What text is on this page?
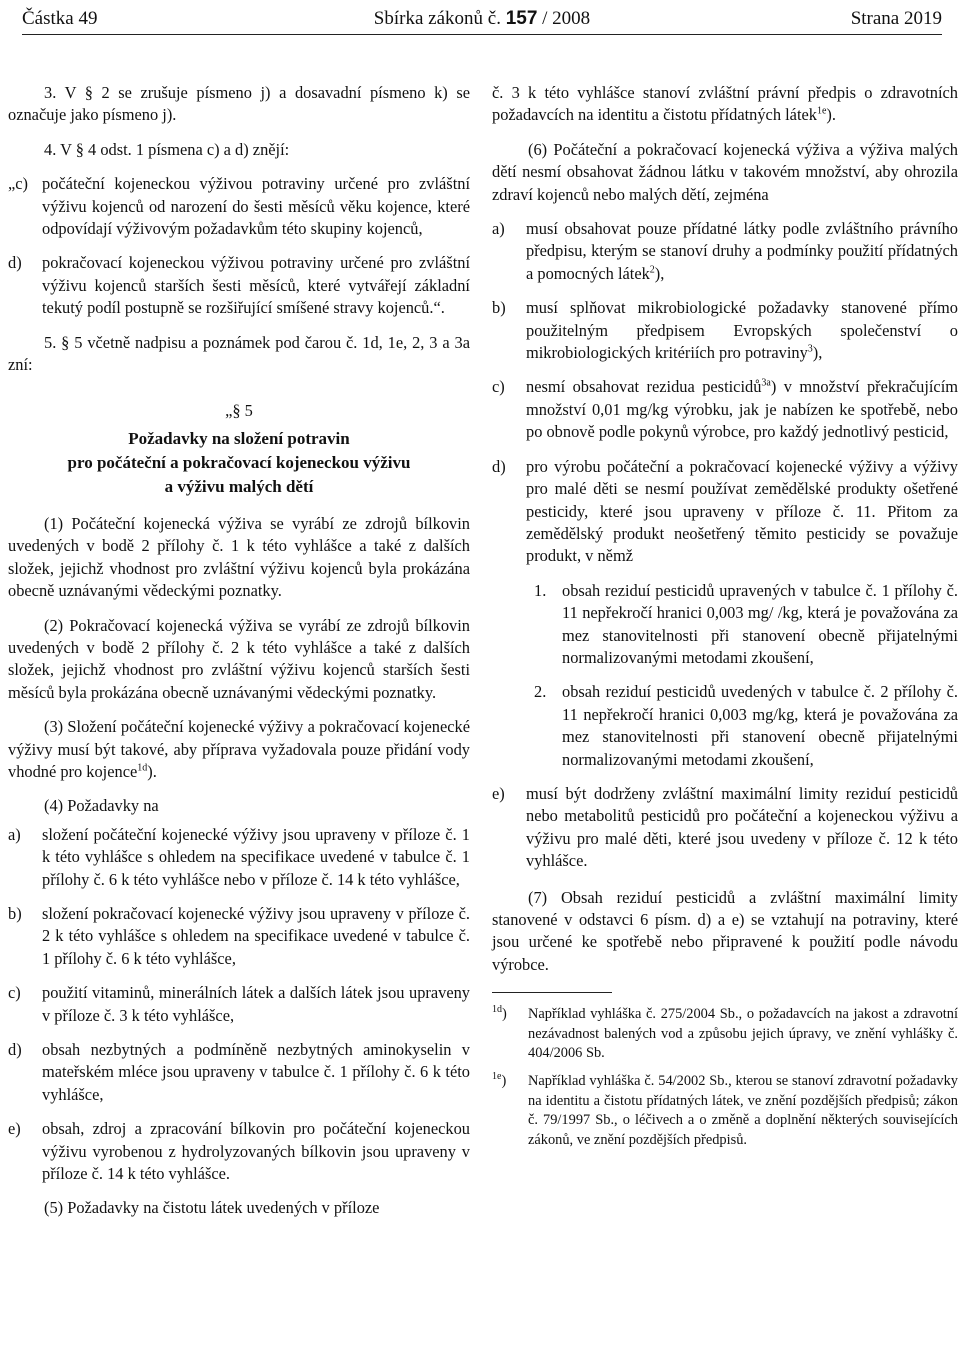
Částka 49	Sbírka zákonů č. 157 / 2008	Strana 2019

3. V § 2 se zrušuje písmeno j) a dosavadní písmeno k) se označuje jako písmeno j).

4. V § 4 odst. 1 písmena c) a d) znějí:

„c) počáteční kojeneckou výživou potraviny určené pro zvláštní výživu kojenců od narození do šesti měsíců věku kojence, které odpovídají výživovým požadavkům této skupiny kojenců,
d) pokračovací kojeneckou výživou potraviny určené pro zvláštní výživu kojenců starších šesti měsíců, které vytvářejí základní tekutý podíl postupně se rozšiřující smíšené stravy kojenců.“.

5. § 5 včetně nadpisu a poznámek pod čarou č. 1d, 1e, 2, 3 a 3a zní:

„§ 5

Požadavky na složení potravin
pro počáteční a pokračovací kojeneckou výživu
a výživu malých dětí

(1) Počáteční kojenecká výživa se vyrábí ze zdrojů bílkovin uvedených v bodě 2 přílohy č. 1 k této vyhlášce a také z dalších složek, jejichž vhodnost pro zvláštní výživu kojenců byla prokázána obecně uznávanými vědeckými poznatky.

(2) Pokračovací kojenecká výživa se vyrábí ze zdrojů bílkovin uvedených v bodě 2 přílohy č. 2 k této vyhlášce a také z dalších složek, jejichž vhodnost pro zvláštní výživu kojenců starších šesti měsíců byla prokázána obecně uznávanými vědeckými poznatky.

(3) Složení počáteční kojenecké výživy a pokračovací kojenecké výživy musí být takové, aby příprava vyžadovala pouze přidání vody vhodné pro kojence$^{1d}$).

(4) Požadavky na

a) složení počáteční kojenecké výživy jsou upraveny v příloze č. 1 k této vyhlášce s ohledem na specifikace uvedené v tabulce č. 1 přílohy č. 6 k této vyhlášce nebo v příloze č. 14 k této vyhlášce,
b) složení pokračovací kojenecké výživy jsou upraveny v příloze č. 2 k této vyhlášce s ohledem na specifikace uvedené v tabulce č. 1 přílohy č. 6 k této vyhlášce,
c) použití vitaminů, minerálních látek a dalších látek jsou upraveny v příloze č. 3 k této vyhlášce,
d) obsah nezbytných a podmíněně nezbytných aminokyselin v mateřském mléce jsou upraveny v tabulce č. 1 přílohy č. 6 k této vyhlášce,
e) obsah, zdroj a zpracování bílkovin pro počáteční kojeneckou výživu vyrobenou z hydrolyzovaných bílkovin jsou upraveny v příloze č. 14 k této vyhlášce.

(5) Požadavky na čistotu látek uvedených v příloze

č. 3 k této vyhlášce stanoví zvláštní právní předpis o zdravotních požadavcích na identitu a čistotu přídatných látek$^{1e}$).

(6) Počáteční a pokračovací kojenecká výživa a výživa malých dětí nesmí obsahovat žádnou látku v takovém množství, aby ohrozila zdraví kojenců nebo malých dětí, zejména

a) musí obsahovat pouze přídatné látky podle zvláštního právního předpisu, kterým se stanoví druhy a podmínky použití přídatných a pomocných látek$^2$),
b) musí splňovat mikrobiologické požadavky stanovené přímo použitelným předpisem Evropských společenství o mikrobiologických kritériích pro potraviny$^3$),
c) nesmí obsahovat rezidua pesticidů$^{3a}$) v množství překračujícím množství 0,01 mg/kg výrobku, jak je nabízen ke spotřebě, nebo po obnově podle pokynů výrobce, pro každý jednotlivý pesticid,
d) pro výrobu počáteční a pokračovací kojenecké výživy a výživy pro malé děti se nesmí používat zemědělské produkty ošetřené pesticidy, které jsou upraveny v příloze č. 11. Přitom za zemědělský produkt neošetřený těmito pesticidy se považuje produkt, v němž
1. obsah reziduí pesticidů upravených v tabulce č. 1 přílohy č. 11 nepřekročí hranici 0,003 mg/ /kg, která je považována za mez stanovitelnosti při stanovení obecně přijatelnými normalizovanými metodami zkoušení,
2. obsah reziduí pesticidů uvedených v tabulce č. 2 přílohy č. 11 nepřekročí hranici 0,003 mg/kg, která je považována za mez stanovitelnosti při stanovení obecně přijatelnými normalizovanými metodami zkoušení,
e) musí být dodrženy zvláštní maximální limity reziduí pesticidů nebo metabolitů pesticidů pro počáteční a kojeneckou výživu a výživu pro malé děti, které jsou uvedeny v příloze č. 12 k této vyhlášce.

(7) Obsah reziduí pesticidů a zvláštní maximální limity stanovené v odstavci 6 písm. d) a e) se vztahují na potraviny, které jsou určené ke spotřebě nebo připravené k použití podle návodu výrobce.

$^{1d}$) Například vyhláška č. 275/2004 Sb., o požadavcích na jakost a zdravotní nezávadnost balených vod a způsobu jejich úpravy, ve znění vyhlášky č. 404/2006 Sb.
$^{1e}$) Například vyhláška č. 54/2002 Sb., kterou se stanoví zdravotní požadavky na identitu a čistotu přídatných látek, ve znění pozdějších předpisů; zákon č. 79/1997 Sb., o léčivech a o změně a doplnění některých souvisejících zákonů, ve znění pozdějších předpisů.
